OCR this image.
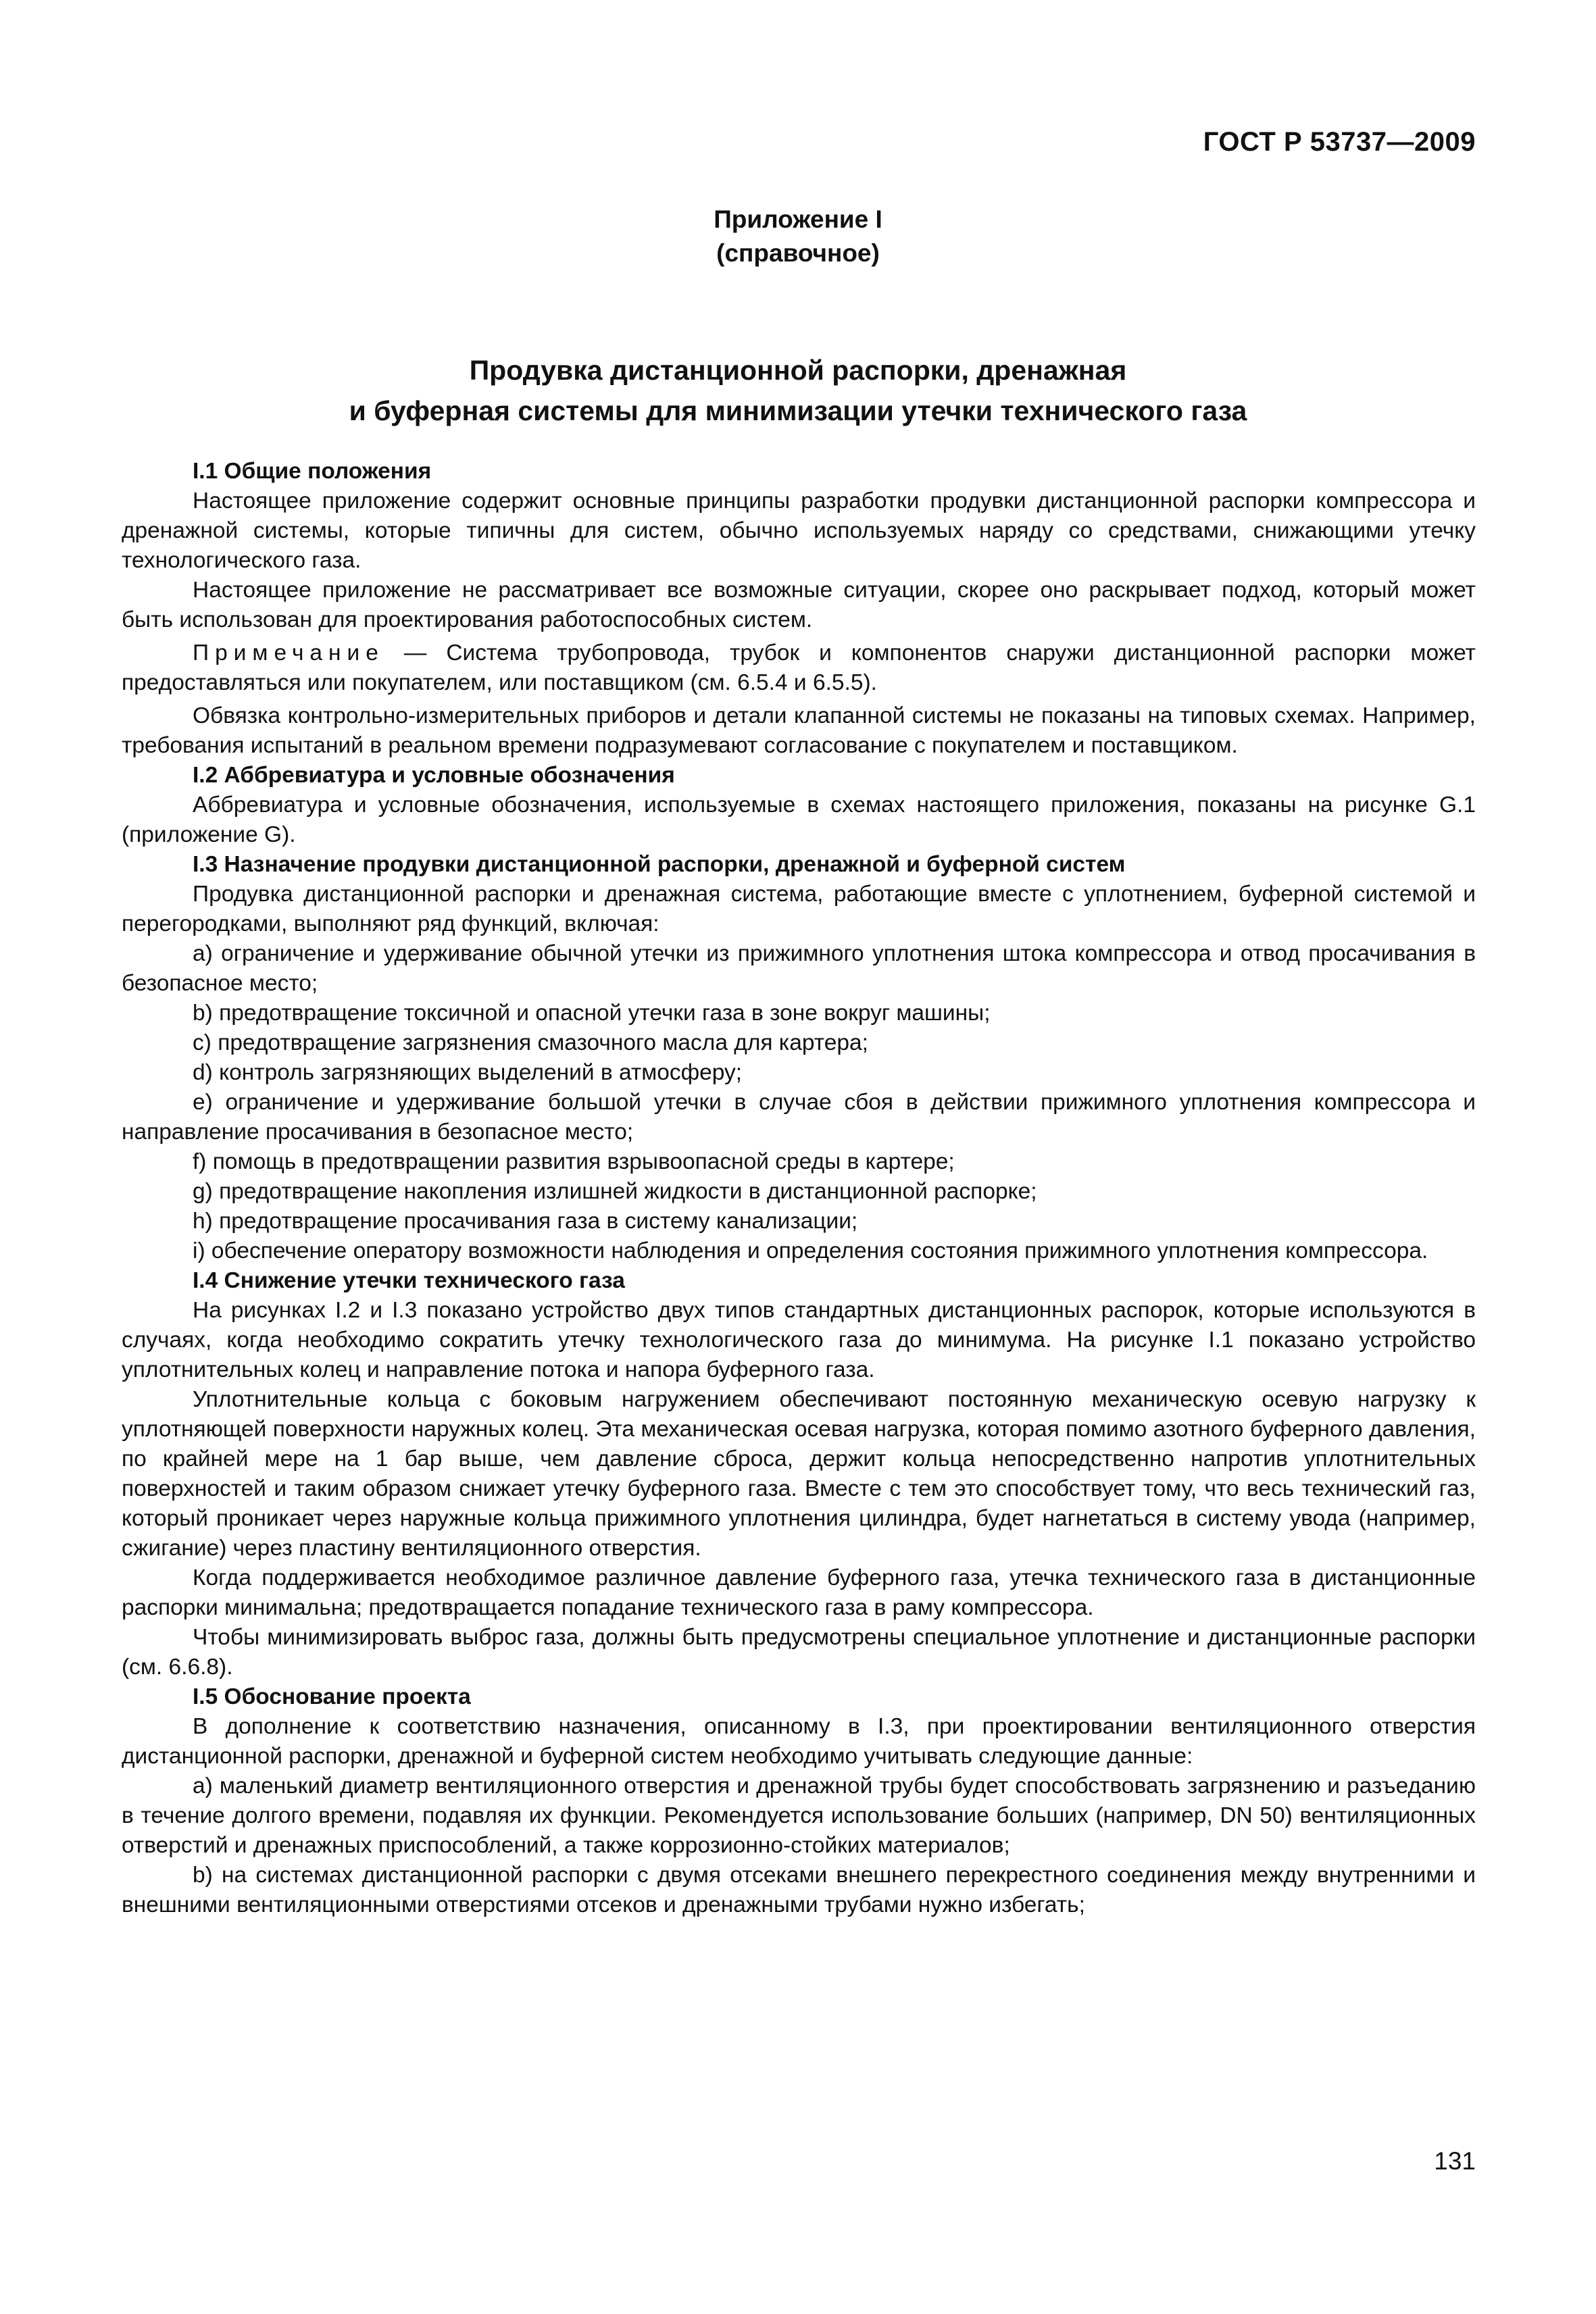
ГОСТ Р 53737—2009
Приложение I
(справочное)
Продувка дистанционной распорки, дренажная
и буферная системы для минимизации утечки технического газа
I.1 Общие положения

Настоящее приложение содержит основные принципы разработки продувки дистанционной распорки компрессора и дренажной системы, которые типичны для систем, обычно используемых наряду со средствами, снижающими утечку технологического газа.

Настоящее приложение не рассматривает все возможные ситуации, скорее оно раскрывает подход, который может быть использован для проектирования работоспособных систем.

Примечание — Система трубопровода, трубок и компонентов снаружи дистанционной распорки может предоставляться или покупателем, или поставщиком (см. 6.5.4 и 6.5.5).

Обвязка контрольно-измерительных приборов и детали клапанной системы не показаны на типовых схемах. Например, требования испытаний в реальном времени подразумевают согласование с покупателем и поставщиком.

I.2 Аббревиатура и условные обозначения

Аббревиатура и условные обозначения, используемые в схемах настоящего приложения, показаны на рисунке G.1 (приложение G).

I.3 Назначение продувки дистанционной распорки, дренажной и буферной систем

Продувка дистанционной распорки и дренажная система, работающие вместе с уплотнением, буферной системой и перегородками, выполняют ряд функций, включая:

a) ограничение и удерживание обычной утечки из прижимного уплотнения штока компрессора и отвод просачивания в безопасное место;

b) предотвращение токсичной и опасной утечки газа в зоне вокруг машины;

c) предотвращение загрязнения смазочного масла для картера;

d) контроль загрязняющих выделений в атмосферу;

e) ограничение и удерживание большой утечки в случае сбоя в действии прижимного уплотнения компрессора и направление просачивания в безопасное место;

f) помощь в предотвращении развития взрывоопасной среды в картере;

g) предотвращение накопления излишней жидкости в дистанционной распорке;

h) предотвращение просачивания газа в систему канализации;

i) обеспечение оператору возможности наблюдения и определения состояния прижимного уплотнения компрессора.

I.4 Снижение утечки технического газа

На рисунках I.2 и I.3 показано устройство двух типов стандартных дистанционных распорок, которые используются в случаях, когда необходимо сократить утечку технологического газа до минимума. На рисунке I.1 показано устройство уплотнительных колец и направление потока и напора буферного газа.

Уплотнительные кольца с боковым нагружением обеспечивают постоянную механическую осевую нагрузку к уплотняющей поверхности наружных колец. Эта механическая осевая нагрузка, которая помимо азотного буферного давления, по крайней мере на 1 бар выше, чем давление сброса, держит кольца непосредственно напротив уплотнительных поверхностей и таким образом снижает утечку буферного газа. Вместе с тем это способствует тому, что весь технический газ, который проникает через наружные кольца прижимного уплотнения цилиндра, будет нагнетаться в систему увода (например, сжигание) через пластину вентиляционного отверстия.

Когда поддерживается необходимое различное давление буферного газа, утечка технического газа в дистанционные распорки минимальна; предотвращается попадание технического газа в раму компрессора.

Чтобы минимизировать выброс газа, должны быть предусмотрены специальное уплотнение и дистанционные распорки (см. 6.6.8).

I.5 Обоснование проекта

В дополнение к соответствию назначения, описанному в I.3, при проектировании вентиляционного отверстия дистанционной распорки, дренажной и буферной систем необходимо учитывать следующие данные:

a) маленький диаметр вентиляционного отверстия и дренажной трубы будет способствовать загрязнению и разъеданию в течение долгого времени, подавляя их функции. Рекомендуется использование больших (например, DN 50) вентиляционных отверстий и дренажных приспособлений, а также коррозионно-стойких материалов;

b) на системах дистанционной распорки с двумя отсеками внешнего перекрестного соединения между внутренними и внешними вентиляционными отверстиями отсеков и дренажными трубами нужно избегать;

131
